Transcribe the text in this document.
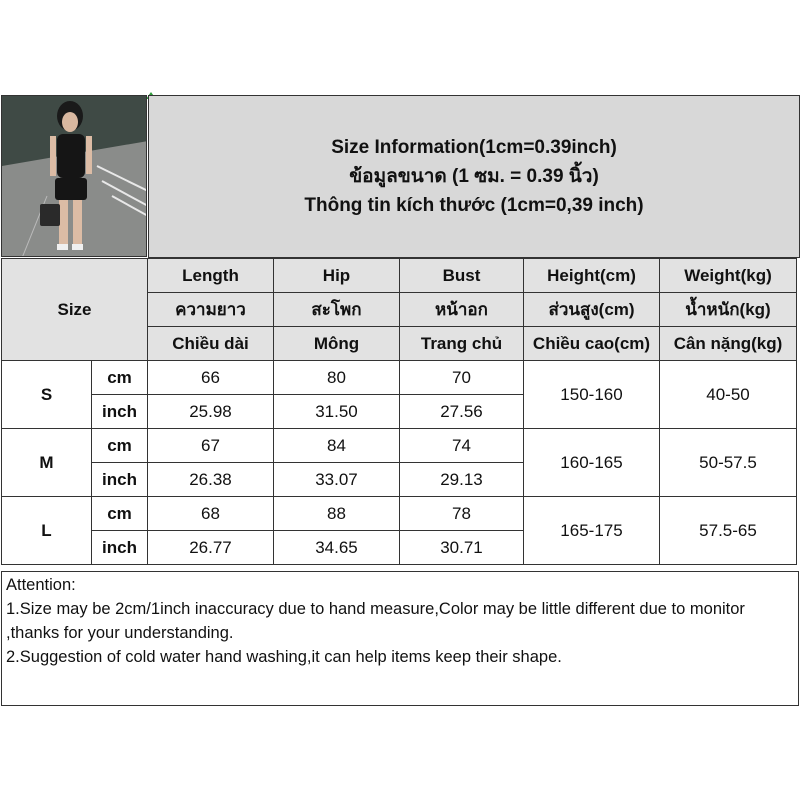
Size Information(1cm=0.39inch)
ข้อมูลขนาด (1 ซม. = 0.39 นิ้ว)
Thông tin kích thước (1cm=0,39 inch)
Size		Length	Hip	Bust	Height(cm)	Weight(kg)
		ความยาว	สะโพก	หน้าอก	ส่วนสูง(cm)	น้ำหนัก(kg)
		Chiều dài	Mông	Trang chủ	Chiều cao(cm)	Cân nặng(kg)
S	cm	66	80	70	150-160	40-50
	inch	25.98	31.50	27.56		
M	cm	67	84	74	160-165	50-57.5
	inch	26.38	33.07	29.13		
L	cm	68	88	78	165-175	57.5-65
	inch	26.77	34.65	30.71		
Attention:
1.Size may be 2cm/1inch inaccuracy due to hand measure,Color may be little different due to monitor ,thanks for your understanding.
2.Suggestion of cold water hand washing,it can help items keep their shape.
